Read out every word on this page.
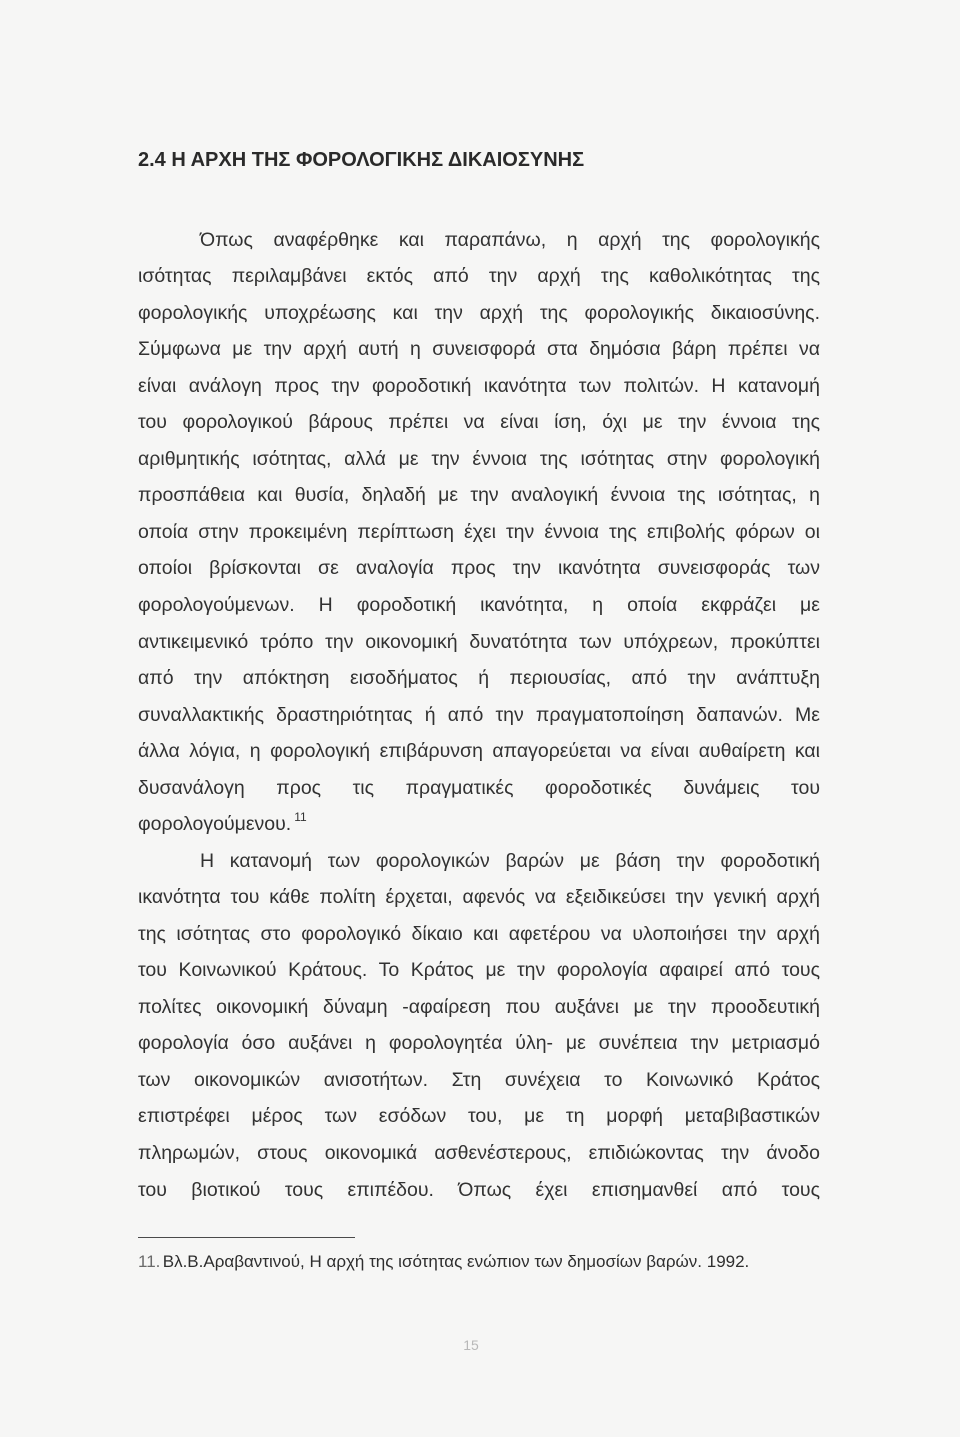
2.4 Η ΑΡΧΗ ΤΗΣ ΦΟΡΟΛΟΓΙΚΗΣ ΔΙΚΑΙΟΣΥΝΗΣ
Όπως αναφέρθηκε και παραπάνω, η αρχή της φορολογικής
ισότητας περιλαμβάνει εκτός από την αρχή της καθολικότητας της
φορολογικής υποχρέωσης και την αρχή της φορολογικής δικαιοσύνης.
Σύμφωνα με την αρχή αυτή η συνεισφορά στα δημόσια βάρη πρέπει να
είναι ανάλογη προς την φοροδοτική ικανότητα των πολιτών. Η κατανομή
του φορολογικού βάρους πρέπει να είναι ίση, όχι με την έννοια της
αριθμητικής ισότητας, αλλά με την έννοια της ισότητας στην φορολογική
προσπάθεια και θυσία, δηλαδή με την αναλογική έννοια της ισότητας, η
οποία στην προκειμένη περίπτωση έχει την έννοια της επιβολής φόρων οι
οποίοι βρίσκονται σε αναλογία προς την ικανότητα συνεισφοράς των
φορολογούμενων. Η φοροδοτική ικανότητα, η οποία εκφράζει με
αντικειμενικό τρόπο την οικονομική δυνατότητα των υπόχρεων, προκύπτει
από την απόκτηση εισοδήματος ή περιουσίας, από την ανάπτυξη
συναλλακτικής δραστηριότητας ή από την πραγματοποίηση δαπανών. Με
άλλα λόγια, η φορολογική επιβάρυνση απαγορεύεται να είναι αυθαίρετη και
δυσανάλογη προς τις πραγματικές φοροδοτικές δυνάμεις του
φορολογούμενου. $^{11}$
Η κατανομή των φορολογικών βαρών με βάση την φοροδοτική
ικανότητα του κάθε πολίτη έρχεται, αφενός να εξειδικεύσει την γενική αρχή
της ισότητας στο φορολογικό δίκαιο και αφετέρου να υλοποιήσει την αρχή
του Κοινωνικού Κράτους. Το Κράτος με την φορολογία αφαιρεί από τους
πολίτες οικονομική δύναμη -αφαίρεση που αυξάνει με την προοδευτική
φορολογία όσο αυξάνει η φορολογητέα ύλη- με συνέπεια την μετριασμό
των οικονομικών ανισοτήτων. Στη συνέχεια το Κοινωνικό Κράτος
επιστρέφει μέρος των εσόδων του, με τη μορφή μεταβιβαστικών
πληρωμών, στους οικονομικά ασθενέστερους, επιδιώκοντας την άνοδο
του βιοτικού τους επιπέδου. Όπως έχει επισημανθεί από τους
11. Βλ.Β.Αραβαντινού, Η αρχή της ισότητας ενώπιον των δημοσίων βαρών. 1992.
15
